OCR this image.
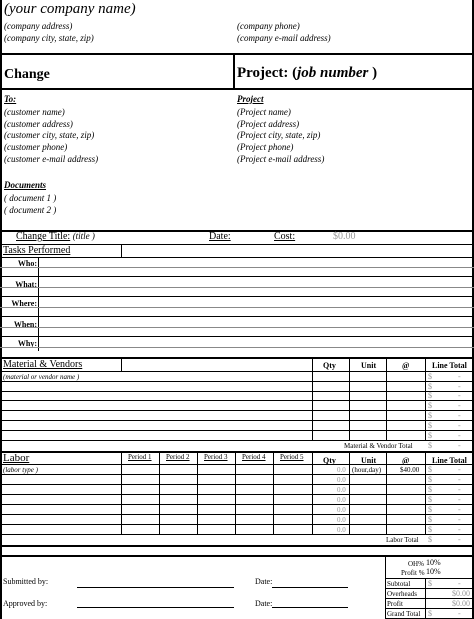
(your company name)
(company address)
(company city, state, zip)
(company phone)
(company e-mail address)
Change	Project: (job number )
To:
(customer name)
(customer address)
(customer city, state, zip)
(customer phone)
(customer e-mail address)
Project
(Project name)
(Project address)
(Project city, state, zip)
(Project phone)
(Project e-mail address)
Documents
( document 1 )
( document 2 )
Change Title: (title )	Date:	Cost:	$0.00
Tasks Performed
Who:
What:
Where:
When:
Why:
Material & Vendors	Qty	Unit	@	Line Total
(material or vendor name )	$	-
$	-
$	-
$	-
$	-
$	-
$	-
Material & Vendor Total $	-
Labor	Period 1 Period 2 Period 3 Period 4 Period 5 Qty	Unit	@	Line Total
(labor type )	0.0 (hour,day)	$40.00 $	-
0.0	$	-
0.0	$	-
0.0	$	-
0.0	$	-
0.0	$	-
0.0	$	-
Labor Total $	-
Submitted by:	Date:
Approved by:	Date:
OH% 10%
Profit % 10%
Subtotal $	-
Overheads	$0.00
Profit	$0.00
Grand Total $	-
